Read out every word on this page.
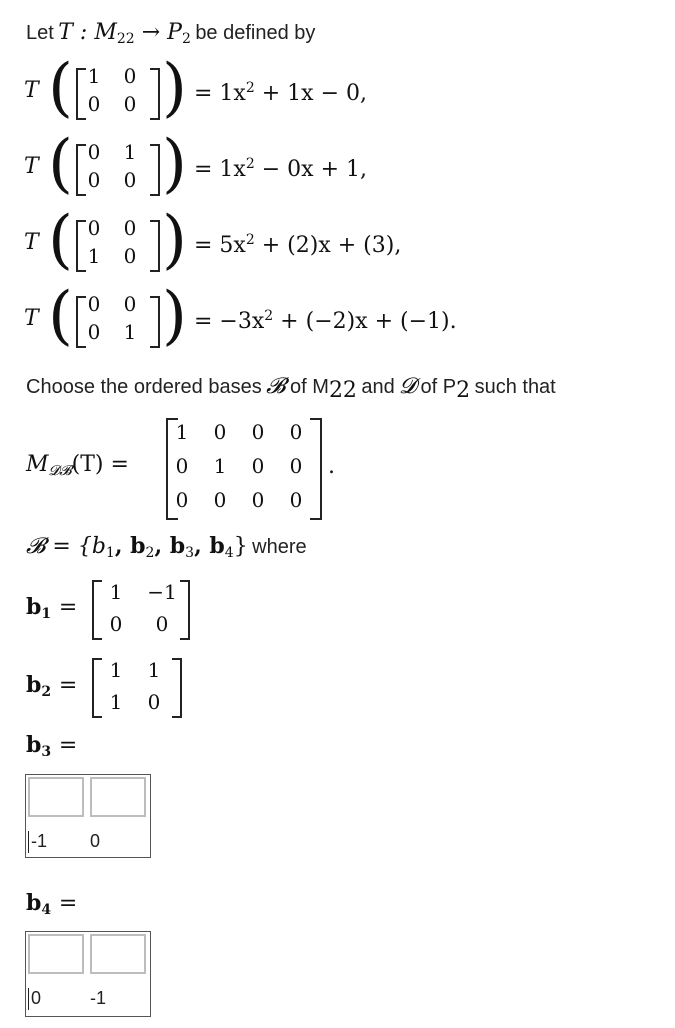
Let T : $M_{22} \to P_2$ be defined by
T ( 1	0
0	0 ) = $1x^2 + 1x - 0$,
T ( 0	1
0	0 ) = $1x^2 - 0x + 1$,
T ( 0	0
1	0 ) = $5x^2 + (2)x + (3)$,
T ( 0	0
0	1 ) = $-3x^2 + (-2)x + (-1)$.
Choose the ordered bases 𝓑 of $M_{22}$ and 𝓓 of $P_2$ such that
$M_{𝓓𝓑}(T)$ =
1	0	0	0
0	1	0	0
0	0	0	0
.
𝓑 = {$b_1$, $b_2$, $b_3$, $b_4$} where
$b_1$ =
1	−1
0	0
$b_2$ =
1	1
1	0
$b_3$ =
-1 0
$b_4$ =
0	-1
